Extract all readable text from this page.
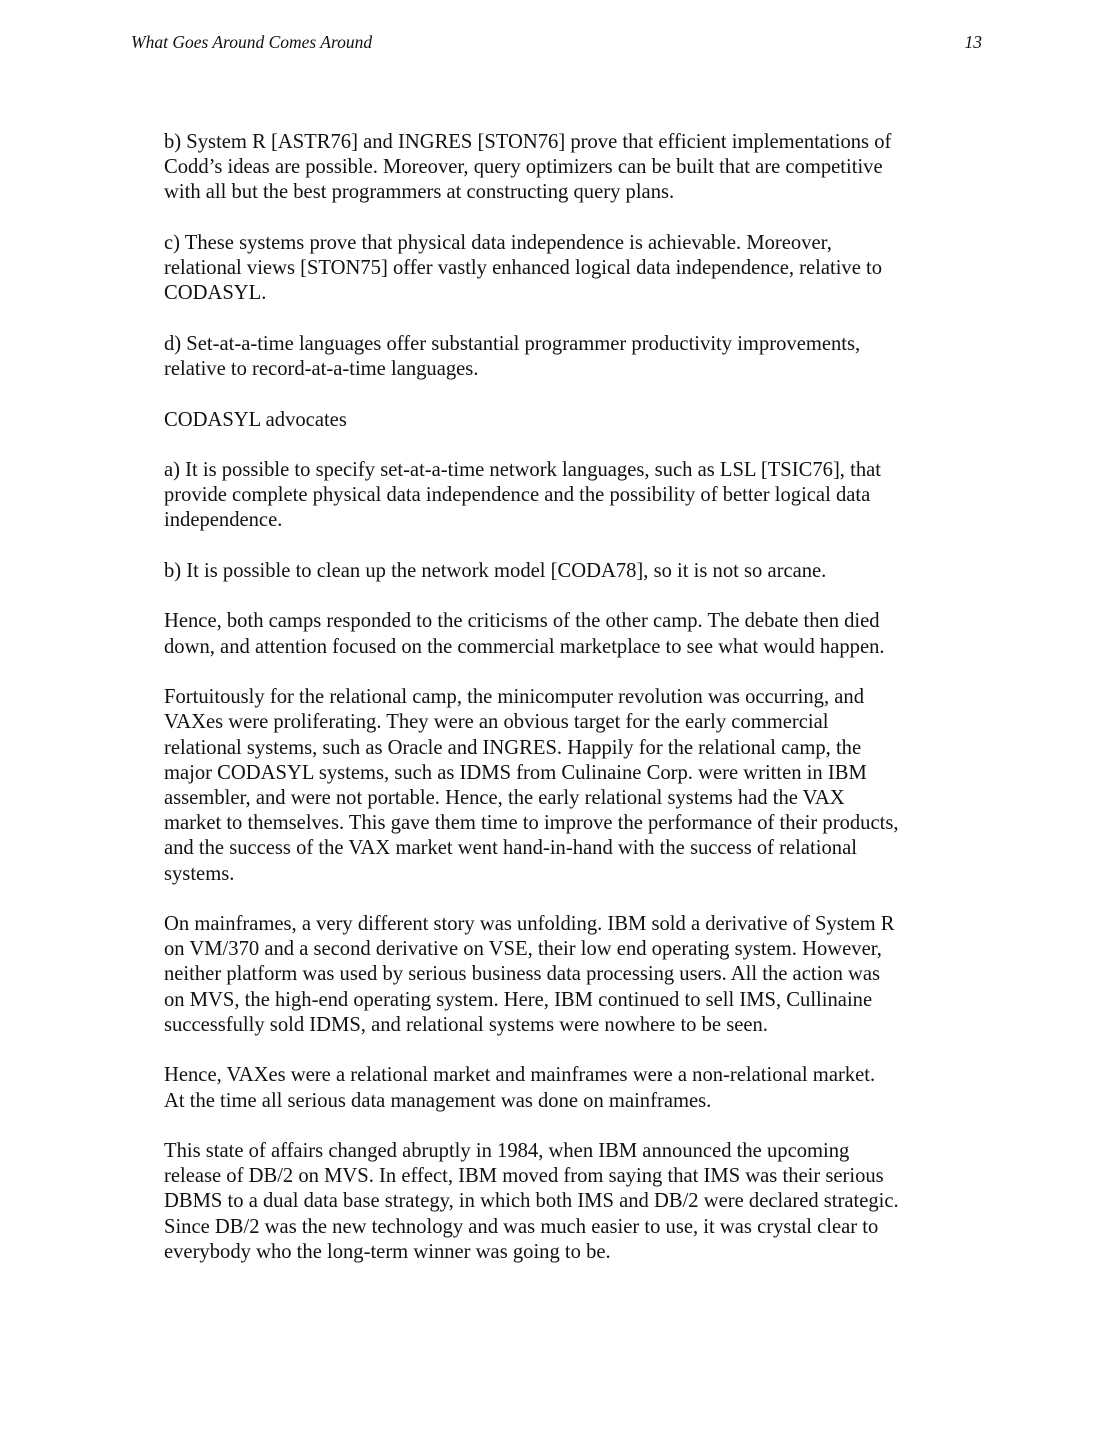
What Goes Around Comes Around	13

b) System R [ASTR76] and INGRES [STON76] prove that efficient implementations of
Codd’s ideas are possible. Moreover, query optimizers can be built that are competitive
with all but the best programmers at constructing query plans.

c) These systems prove that physical data independence is achievable. Moreover,
relational views [STON75] offer vastly enhanced logical data independence, relative to
CODASYL.

d) Set-at-a-time languages offer substantial programmer productivity improvements,
relative to record-at-a-time languages.

CODASYL advocates

a) It is possible to specify set-at-a-time network languages, such as LSL [TSIC76], that
provide complete physical data independence and the possibility of better logical data
independence.

b) It is possible to clean up the network model [CODA78], so it is not so arcane.

Hence, both camps responded to the criticisms of the other camp. The debate then died
down, and attention focused on the commercial marketplace to see what would happen.

Fortuitously for the relational camp, the minicomputer revolution was occurring, and
VAXes were proliferating. They were an obvious target for the early commercial
relational systems, such as Oracle and INGRES. Happily for the relational camp, the
major CODASYL systems, such as IDMS from Culinaine Corp. were written in IBM
assembler, and were not portable. Hence, the early relational systems had the VAX
market to themselves. This gave them time to improve the performance of their products,
and the success of the VAX market went hand-in-hand with the success of relational
systems.

On mainframes, a very different story was unfolding. IBM sold a derivative of System R
on VM/370 and a second derivative on VSE, their low end operating system. However,
neither platform was used by serious business data processing users. All the action was
on MVS, the high-end operating system. Here, IBM continued to sell IMS, Cullinaine
successfully sold IDMS, and relational systems were nowhere to be seen.

Hence, VAXes were a relational market and mainframes were a non-relational market.
At the time all serious data management was done on mainframes.

This state of affairs changed abruptly in 1984, when IBM announced the upcoming
release of DB/2 on MVS. In effect, IBM moved from saying that IMS was their serious
DBMS to a dual data base strategy, in which both IMS and DB/2 were declared strategic.
Since DB/2 was the new technology and was much easier to use, it was crystal clear to
everybody who the long-term winner was going to be.
